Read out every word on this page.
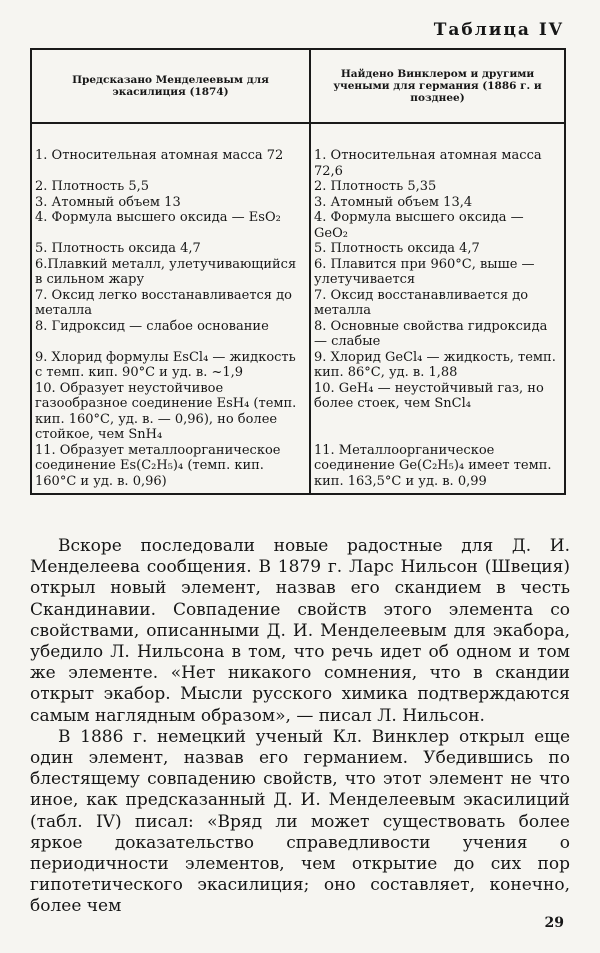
Таблица IV
Предсказано Менделеевым для экасилиция (1874)	Найдено Винклером и другими учеными для германия (1886 г. и позднее)

1. Относительная атомная масса 72	1. Относительная атомная масса 72,6
2. Плотность 5,5	2. Плотность 5,35
3. Атомный объем 13	3. Атомный объем 13,4
4. Формула высшего оксида — EsO₂	4. Формула высшего оксида — GeO₂
5. Плотность оксида 4,7	5. Плотность оксида 4,7
6.Плавкий металл, улетучивающийся в сильном жару	6. Плавится при 960°С, выше — улетучивается
7. Оксид легко восстанавливается до металла	7. Оксид восстанавливается до металла
8. Гидроксид — слабое основание	8. Основные свойства гидроксида — слабые
9. Хлорид формулы EsCl₄ — жидкость с темп. кип. 90°С и уд. в. ~1,9	9. Хлорид GeCl₄ — жидкость, темп. кип. 86°С, уд. в. 1,88
10. Образует неустойчивое газообразное соединение EsH₄ (темп. кип. 160°С, уд. в. — 0,96), но более стойкое, чем SnH₄	10. GeH₄ — неустойчивый газ, но более стоек, чем SnCl₄
11. Образует металлоорганическое соединение Es(C₂H₅)₄ (темп. кип. 160°С и уд. в. 0,96)	11. Металлоорганическое соединение Ge(C₂H₅)₄ имеет темп. кип. 163,5°С и уд. в. 0,99

Вскоре последовали новые радостные для Д. И. Менделеева сообщения. В 1879 г. Ларс Нильсон (Швеция) открыл новый элемент, назвав его скандием в честь Скандинавии. Совпадение свойств этого элемента со свойствами, описанными Д. И. Менделеевым для экабора, убедило Л. Нильсона в том, что речь идет об одном и том же элементе. «Нет никакого сомнения, что в скандии открыт экабор. Мысли русского химика подтверждаются самым наглядным образом», — писал Л. Нильсон.

В 1886 г. немецкий ученый Кл. Винклер открыл еще один элемент, назвав его германием. Убедившись по блестящему совпадению свойств, что этот элемент не что иное, как предсказанный Д. И. Менделеевым экасилиций (табл. IV) писал: «Вряд ли может существовать более яркое доказательство справедливости учения о периодичности элементов, чем открытие до сих пор гипотетического экасилиция; оно составляет, конечно, более чем

29
